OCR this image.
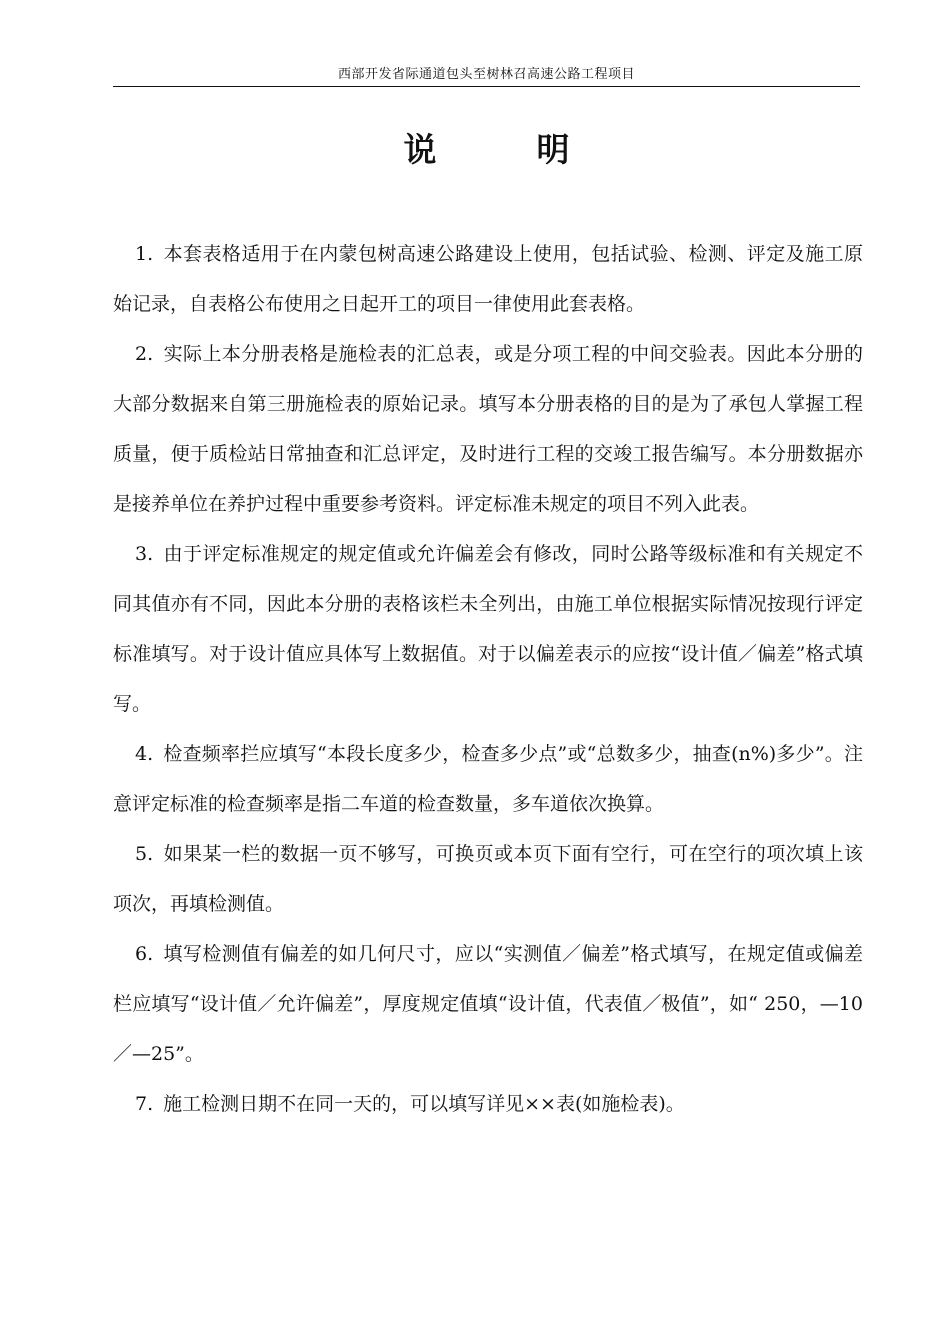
西部开发省际通道包头至树林召高速公路工程项目
说明

1. 本套表格适用于在内蒙包树高速公路建设上使用，包括试验、检测、评定及施工原始记录，自表格公布使用之日起开工的项目一律使用此套表格。

2. 实际上本分册表格是施检表的汇总表，或是分项工程的中间交验表。因此本分册的大部分数据来自第三册施检表的原始记录。填写本分册表格的目的是为了承包人掌握工程质量，便于质检站日常抽查和汇总评定，及时进行工程的交竣工报告编写。本分册数据亦是接养单位在养护过程中重要参考资料。评定标准未规定的项目不列入此表。

3. 由于评定标准规定的规定值或允许偏差会有修改，同时公路等级标准和有关规定不同其值亦有不同，因此本分册的表格该栏未全列出，由施工单位根据实际情况按现行评定标准填写。对于设计值应具体写上数据值。对于以偏差表示的应按“设计值／偏差”格式填写。

4. 检查频率拦应填写“本段长度多少，检查多少点”或“总数多少，抽查(n%)多少”。注意评定标准的检查频率是指二车道的检查数量，多车道依次换算。

5. 如果某一栏的数据一页不够写，可换页或本页下面有空行，可在空行的项次填上该项次，再填检测值。

6. 填写检测值有偏差的如几何尺寸，应以“实测值／偏差”格式填写，在规定值或偏差栏应填写“设计值／允许偏差”，厚度规定值填“设计值，代表值／极值”，如“ 250，—10／—25”。

7. 施工检测日期不在同一天的，可以填写详见××表(如施检表)。
